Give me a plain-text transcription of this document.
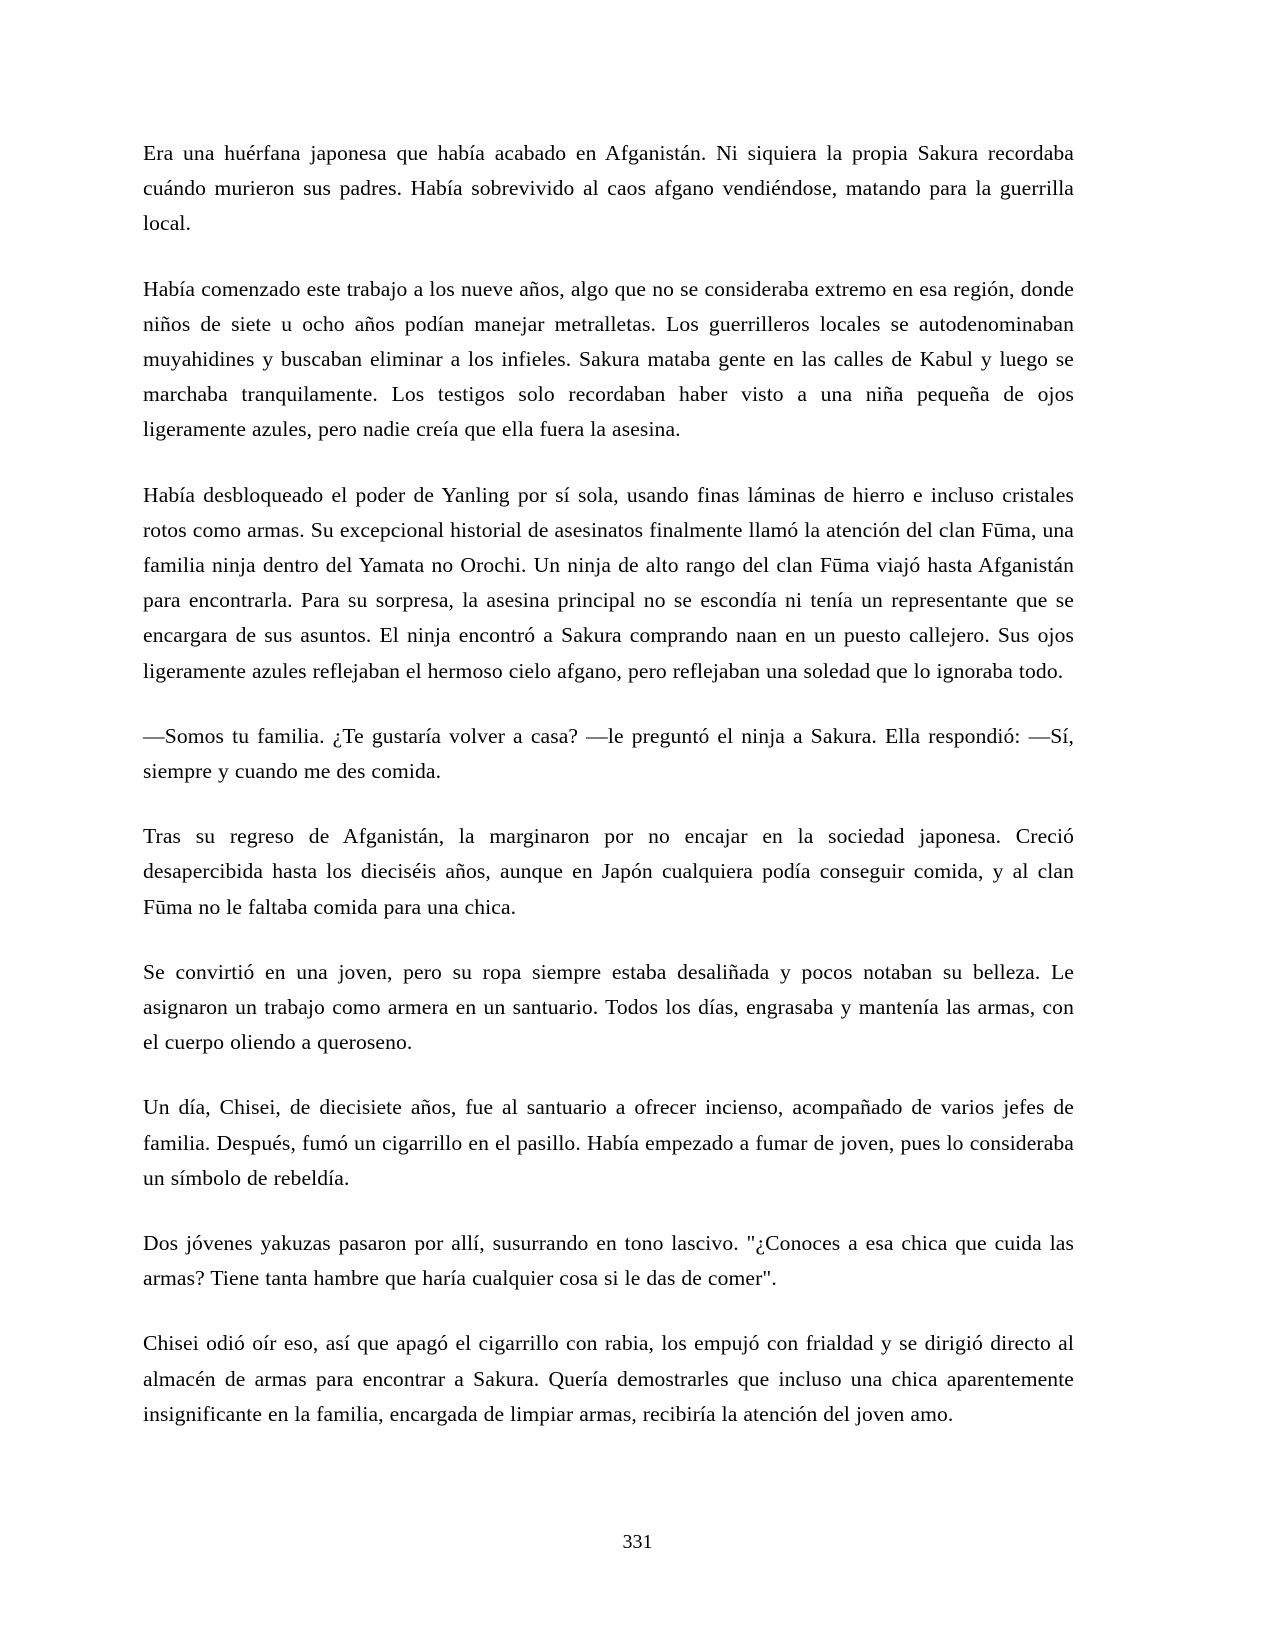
Era una huérfana japonesa que había acabado en Afganistán. Ni siquiera la propia Sakura recordaba cuándo murieron sus padres. Había sobrevivido al caos afgano vendiéndose, matando para la guerrilla local.

Había comenzado este trabajo a los nueve años, algo que no se consideraba extremo en esa región, donde niños de siete u ocho años podían manejar metralletas. Los guerrilleros locales se autodenominaban muyahidines y buscaban eliminar a los infieles. Sakura mataba gente en las calles de Kabul y luego se marchaba tranquilamente. Los testigos solo recordaban haber visto a una niña pequeña de ojos ligeramente azules, pero nadie creía que ella fuera la asesina.

Había desbloqueado el poder de Yanling por sí sola, usando finas láminas de hierro e incluso cristales rotos como armas. Su excepcional historial de asesinatos finalmente llamó la atención del clan Fūma, una familia ninja dentro del Yamata no Orochi. Un ninja de alto rango del clan Fūma viajó hasta Afganistán para encontrarla. Para su sorpresa, la asesina principal no se escondía ni tenía un representante que se encargara de sus asuntos. El ninja encontró a Sakura comprando naan en un puesto callejero. Sus ojos ligeramente azules reflejaban el hermoso cielo afgano, pero reflejaban una soledad que lo ignoraba todo.

—Somos tu familia. ¿Te gustaría volver a casa? —le preguntó el ninja a Sakura. Ella respondió: —Sí, siempre y cuando me des comida.

Tras su regreso de Afganistán, la marginaron por no encajar en la sociedad japonesa. Creció desapercibida hasta los dieciséis años, aunque en Japón cualquiera podía conseguir comida, y al clan Fūma no le faltaba comida para una chica.

Se convirtió en una joven, pero su ropa siempre estaba desaliñada y pocos notaban su belleza. Le asignaron un trabajo como armera en un santuario. Todos los días, engrasaba y mantenía las armas, con el cuerpo oliendo a queroseno.

Un día, Chisei, de diecisiete años, fue al santuario a ofrecer incienso, acompañado de varios jefes de familia. Después, fumó un cigarrillo en el pasillo. Había empezado a fumar de joven, pues lo consideraba un símbolo de rebeldía.

Dos jóvenes yakuzas pasaron por allí, susurrando en tono lascivo. "¿Conoces a esa chica que cuida las armas? Tiene tanta hambre que haría cualquier cosa si le das de comer".

Chisei odió oír eso, así que apagó el cigarrillo con rabia, los empujó con frialdad y se dirigió directo al almacén de armas para encontrar a Sakura. Quería demostrarles que incluso una chica aparentemente insignificante en la familia, encargada de limpiar armas, recibiría la atención del joven amo.

331
